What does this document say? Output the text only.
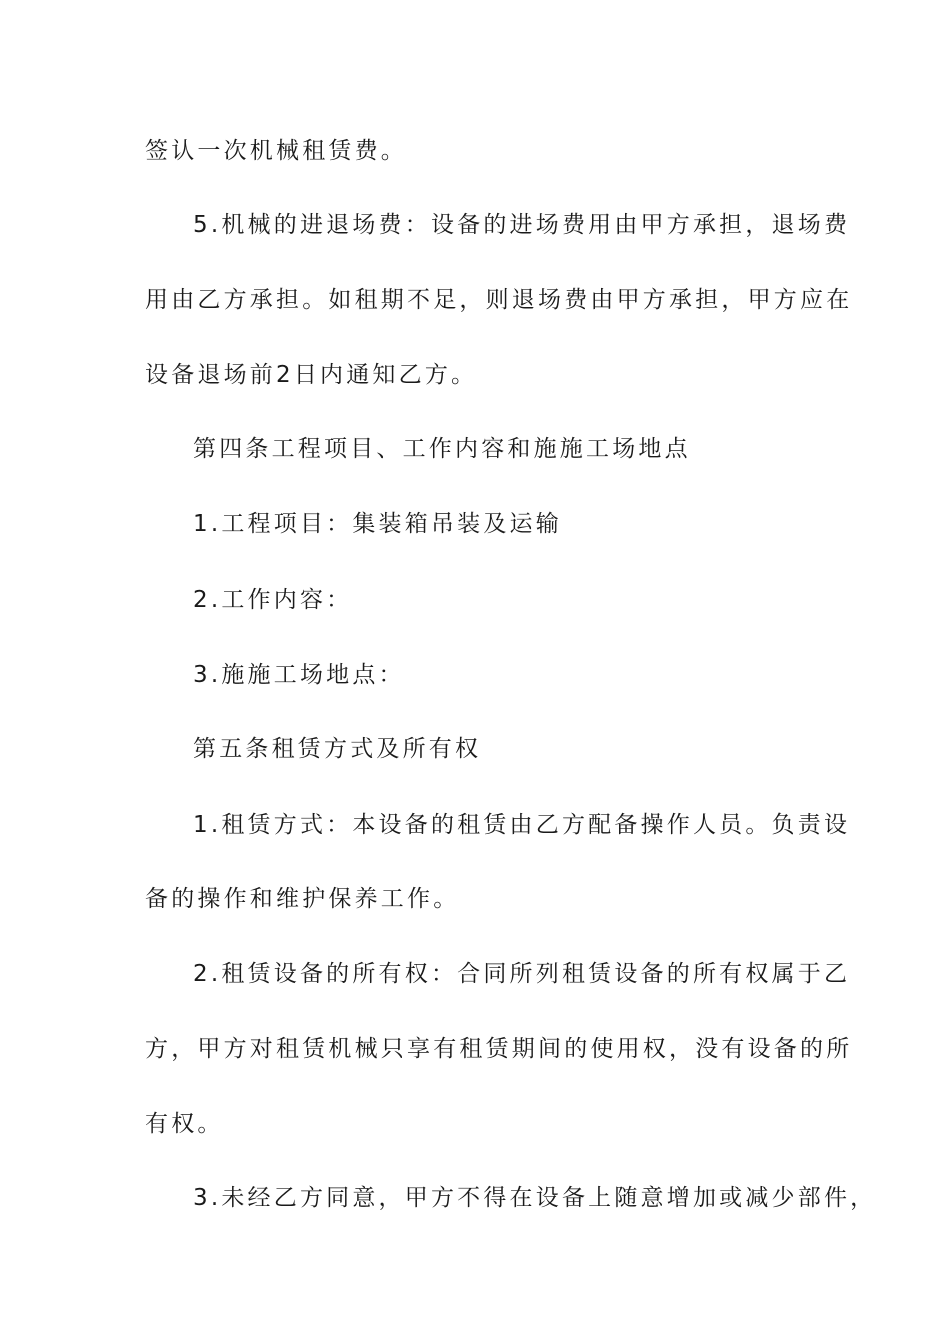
签认一次机械租赁费。
5.机械的进退场费：设备的进场费用由甲方承担，退场费
用由乙方承担。如租期不足，则退场费由甲方承担，甲方应在
设备退场前2日内通知乙方。
第四条工程项目、工作内容和施施工场地点
1.工程项目：集装箱吊装及运输
2.工作内容：
3.施施工场地点：
第五条租赁方式及所有权
1.租赁方式：本设备的租赁由乙方配备操作人员。负责设
备的操作和维护保养工作。
2.租赁设备的所有权：合同所列租赁设备的所有权属于乙
方，甲方对租赁机械只享有租赁期间的使用权，没有设备的所
有权。
3.未经乙方同意，甲方不得在设备上随意增加或减少部件，
